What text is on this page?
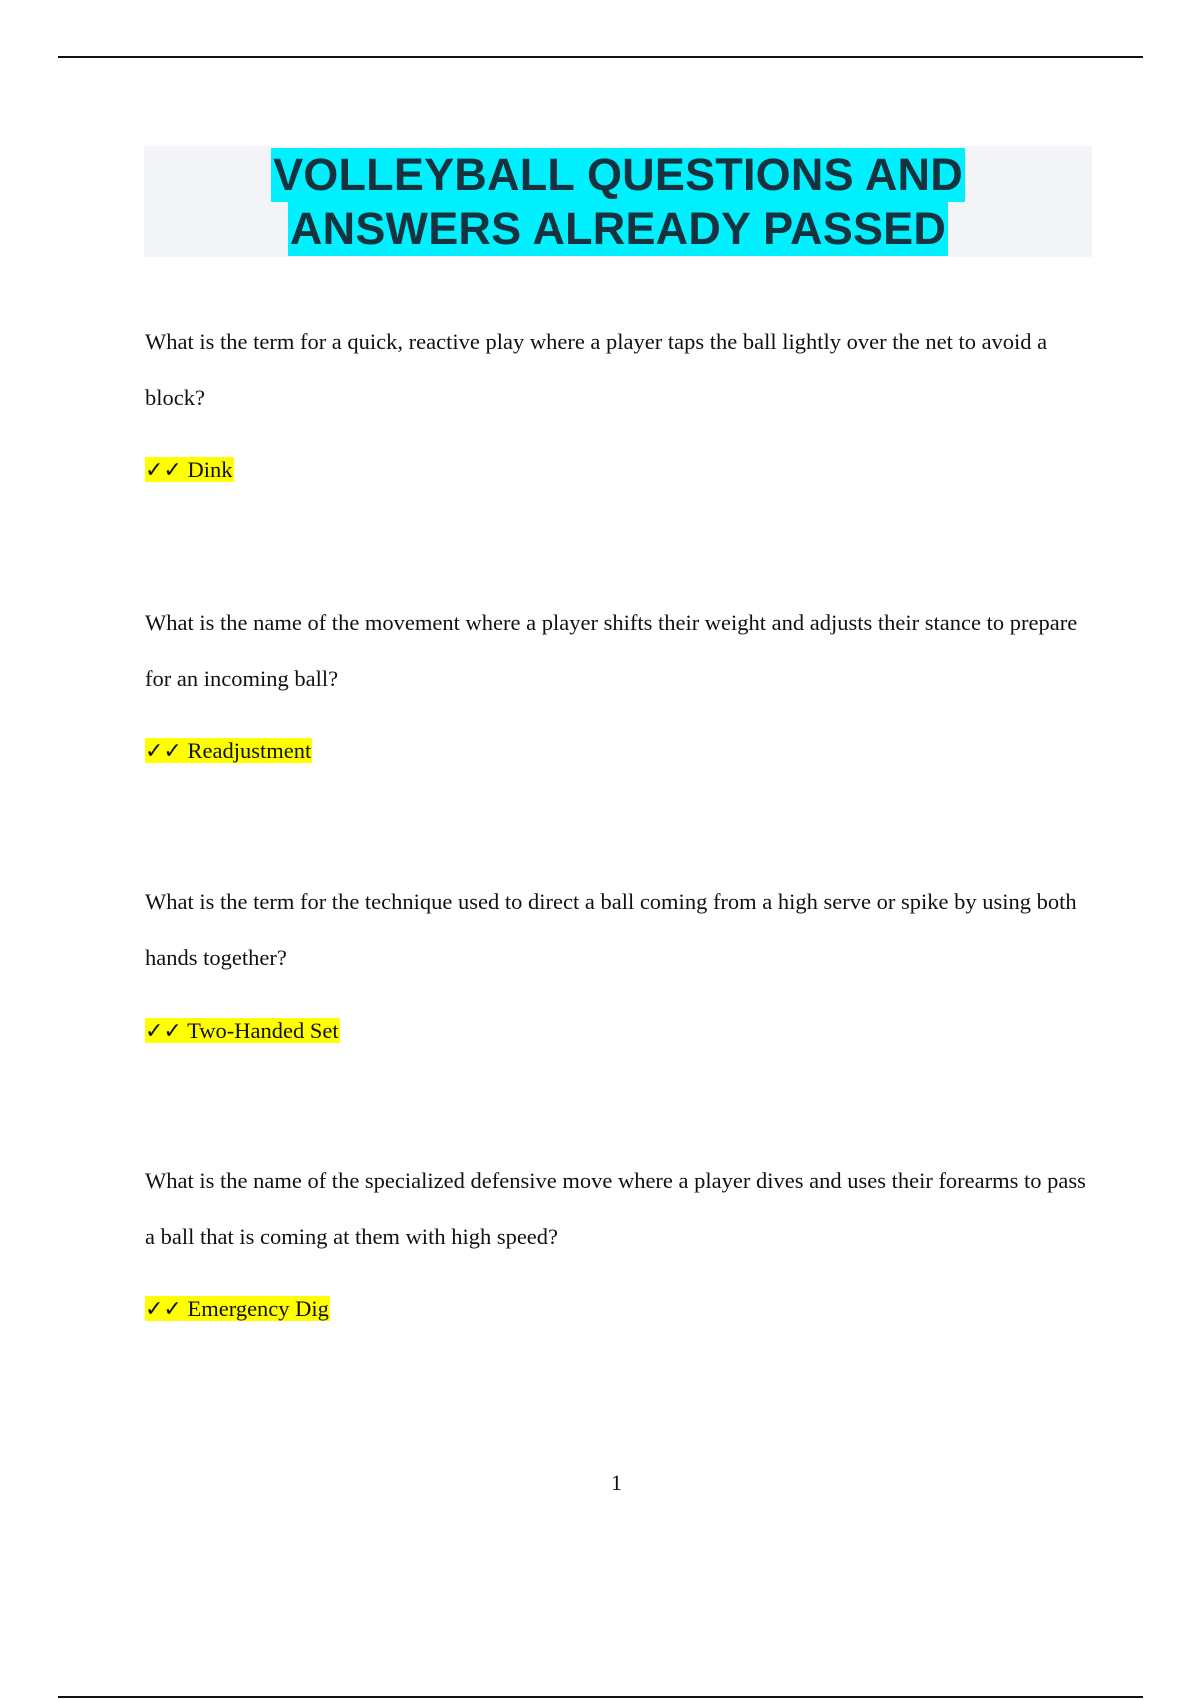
VOLLEYBALL QUESTIONS AND
ANSWERS ALREADY PASSED

What is the term for a quick, reactive play where a player taps the ball lightly over the net to avoid a block?

✓✓ Dink

What is the name of the movement where a player shifts their weight and adjusts their stance to prepare for an incoming ball?

✓✓ Readjustment

What is the term for the technique used to direct a ball coming from a high serve or spike by using both hands together?

✓✓ Two-Handed Set

What is the name of the specialized defensive move where a player dives and uses their forearms to pass a ball that is coming at them with high speed?

✓✓ Emergency Dig
1
